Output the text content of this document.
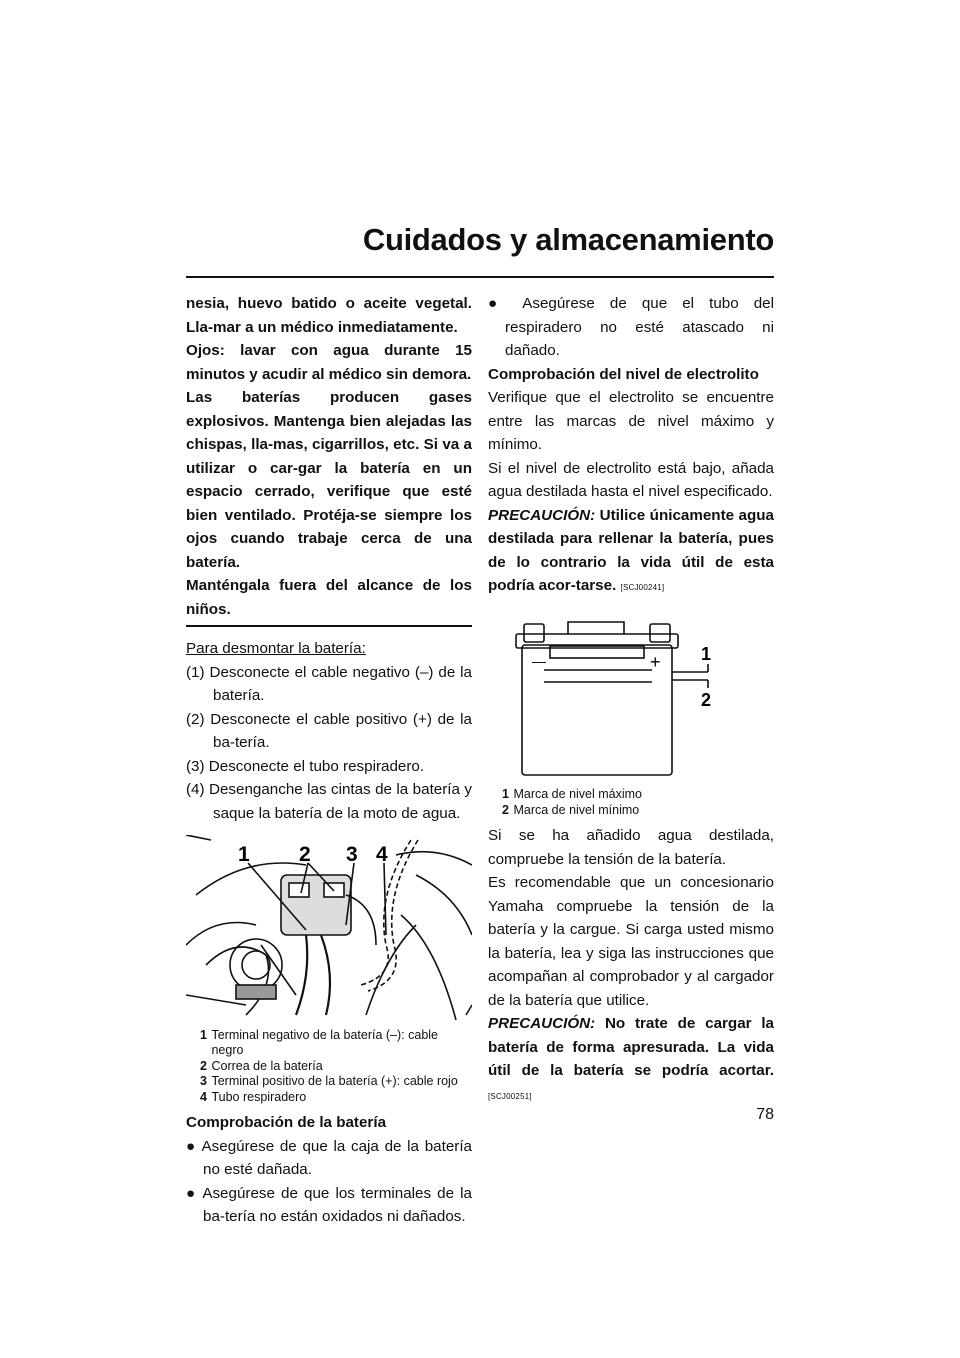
Cuidados y almacenamiento

nesia, huevo batido o aceite vegetal. Lla-mar a un médico inmediatamente.

Ojos: lavar con agua durante 15 minutos y acudir al médico sin demora.

Las baterías producen gases explosivos. Mantenga bien alejadas las chispas, lla-mas, cigarrillos, etc. Si va a utilizar o car-gar la batería en un espacio cerrado, verifique que esté bien ventilado. Protéja-se siempre los ojos cuando trabaje cerca de una batería.

Manténgala fuera del alcance de los niños.

Para desmontar la batería:

(1) Desconecte el cable negativo (–) de la batería.

(2) Desconecte el cable positivo (+) de la ba-tería.

(3) Desconecte el tubo respiradero.

(4) Desenganche las cintas de la batería y saque la batería de la moto de agua.

1 2 3 4
1 Terminal negativo de la batería (–): cable negro
2 Correa de la batería
3 Terminal positivo de la batería (+): cable rojo
4 Tubo respiradero

Comprobación de la batería

● Asegúrese de que la caja de la batería no esté dañada.

● Asegúrese de que los terminales de la ba-tería no están oxidados ni dañados.

● Asegúrese de que el tubo del respiradero no esté atascado ni dañado.

Comprobación del nivel de electrolito

Verifique que el electrolito se encuentre entre las marcas de nivel máximo y mínimo.

Si el nivel de electrolito está bajo, añada agua destilada hasta el nivel especificado.

PRECAUCIÓN: Utilice únicamente agua destilada para rellenar la batería, pues de lo contrario la vida útil de esta podría acor-tarse. [SCJ00241]

—	+ 1
2
1 Marca de nivel máximo
2 Marca de nivel mínimo

Si se ha añadido agua destilada, compruebe la tensión de la batería.

Es recomendable que un concesionario Yamaha compruebe la tensión de la batería y la cargue. Si carga usted mismo la batería, lea y siga las instrucciones que acompañan al comprobador y al cargador de la batería que utilice.

PRECAUCIÓN: No trate de cargar la batería de forma apresurada. La vida útil de la batería se podría acortar. [SCJ00251]

78
